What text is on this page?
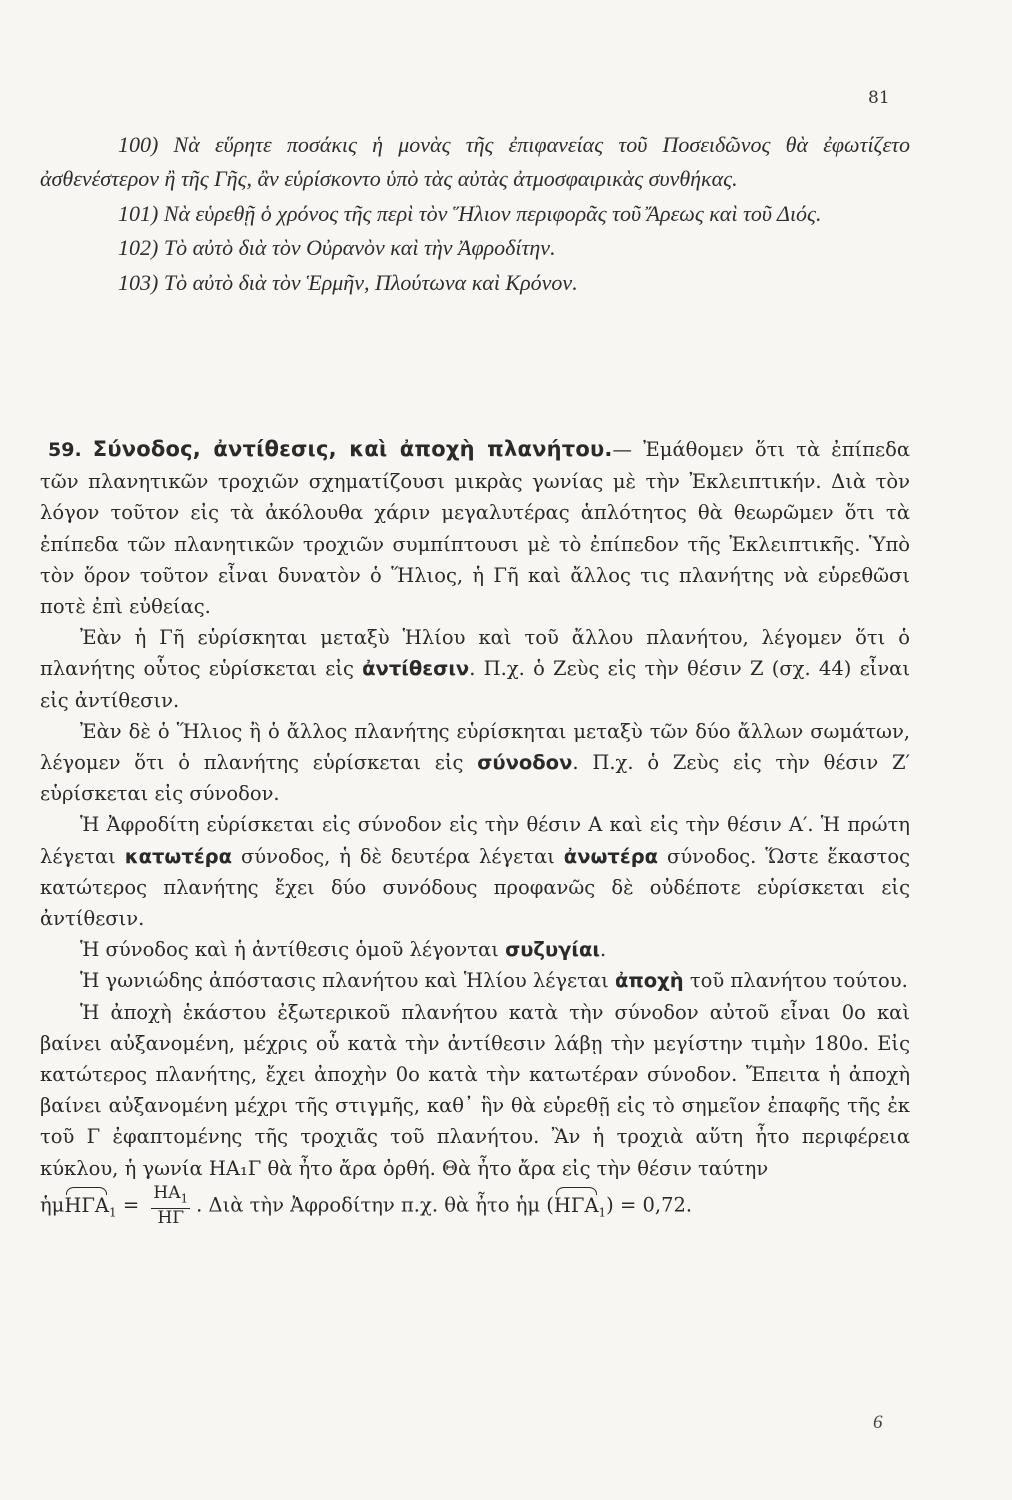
81

100) Νὰ εὕρητε ποσάκις ἡ μονὰς τῆς ἐπιφανείας τοῦ Ποσειδῶνος θὰ ἐφωτίζετο ἀσθενέστερον ἢ τῆς Γῆς, ἂν εὑρίσκοντο ὑπὸ τὰς αὐτὰς ἀτμοσφαιρικὰς συνθήκας.

101) Νὰ εὑρεθῇ ὁ χρόνος τῆς περὶ τὸν Ἥλιον περιφορᾶς τοῦ Ἄρεως καὶ τοῦ Διός.

102) Τὸ αὐτὸ διὰ τὸν Οὐρανὸν καὶ τὴν Ἀφροδίτην.

103) Τὸ αὐτὸ διὰ τὸν Ἑρμῆν, Πλούτωνα καὶ Κρόνον.

59. Σύνοδος, ἀντίθεσις, καὶ ἀποχὴ πλανήτου.— Ἐμάθομεν ὅτι τὰ ἐπίπεδα τῶν πλανητικῶν τροχιῶν σχηματίζουσι μικρὰς γωνίας μὲ τὴν Ἐκλειπτικήν. Διὰ τὸν λόγον τοῦτον εἰς τὰ ἀκόλουθα χάριν μεγαλυτέρας ἁπλότητος θὰ θεωρῶμεν ὅτι τὰ ἐπίπεδα τῶν πλανητικῶν τροχιῶν συμπίπτουσι μὲ τὸ ἐπίπεδον τῆς Ἐκλειπτικῆς. Ὑπὸ τὸν ὅρον τοῦτον εἶναι δυνατὸν ὁ Ἥλιος, ἡ Γῆ καὶ ἄλλος τις πλανήτης νὰ εὑρεθῶσι ποτὲ ἐπὶ εὐθείας.

Ἐὰν ἡ Γῆ εὑρίσκηται μεταξὺ Ἡλίου καὶ τοῦ ἄλλου πλανήτου, λέγομεν ὅτι ὁ πλανήτης οὗτος εὑρίσκεται εἰς ἀντίθεσιν. Π.χ. ὁ Ζεὺς εἰς τὴν θέσιν Ζ (σχ. 44) εἶναι εἰς ἀντίθεσιν.

Ἐὰν δὲ ὁ Ἥλιος ἢ ὁ ἄλλος πλανήτης εὑρίσκηται μεταξὺ τῶν δύο ἄλλων σωμάτων, λέγομεν ὅτι ὁ πλανήτης εὑρίσκεται εἰς σύνοδον. Π.χ. ὁ Ζεὺς εἰς τὴν θέσιν Ζ′ εὑρίσκεται εἰς σύνοδον.

Ἡ Ἀφροδίτη εὑρίσκεται εἰς σύνοδον εἰς τὴν θέσιν Α καὶ εἰς τὴν θέσιν Α′. Ἡ πρώτη λέγεται κατωτέρα σύνοδος, ἡ δὲ δευτέρα λέγεται ἀνωτέρα σύνοδος. Ὥστε ἕκαστος κατώτερος πλανήτης ἔχει δύο συνόδους προφανῶς δὲ οὐδέποτε εὑρίσκεται εἰς ἀντίθεσιν.

Ἡ σύνοδος καὶ ἡ ἀντίθεσις ὁμοῦ λέγονται συζυγίαι.

Ἡ γωνιώδης ἀπόστασις πλανήτου καὶ Ἡλίου λέγεται ἀποχὴ τοῦ πλανήτου τούτου.

Ἡ ἀποχὴ ἑκάστου ἐξωτερικοῦ πλανήτου κατὰ τὴν σύνοδον αὐτοῦ εἶναι 0ο καὶ βαίνει αὐξανομένη, μέχρις οὗ κατὰ τὴν ἀντίθεσιν λάβῃ τὴν μεγίστην τιμὴν 180ο. Εἰς κατώτερος πλανήτης, ἔχει ἀποχὴν 0ο κατὰ τὴν κατωτέραν σύνοδον. Ἔπειτα ἡ ἀποχὴ βαίνει αὐξανομένη μέχρι τῆς στιγμῆς, καθ᾿ ἣν θὰ εὑρεθῇ εἰς τὸ σημεῖον ἐπαφῆς τῆς ἐκ τοῦ Γ ἐφαπτομένης τῆς τροχιᾶς τοῦ πλανήτου. Ἂν ἡ τροχιὰ αὕτη ἦτο περιφέρεια κύκλου, ἡ γωνία ΗΑ₁Γ θὰ ἦτο ἄρα ὀρθή. Θὰ ἦτο ἄρα εἰς τὴν θέσιν ταύτην

ἡμΗΓΑ$_1$ = $\frac{HA_1}{H\Gamma}$ . Διὰ τὴν Ἀφροδίτην π.χ. θὰ ἦτο ἡμ $(H\Gamma A_1) = 0,72$.

6
